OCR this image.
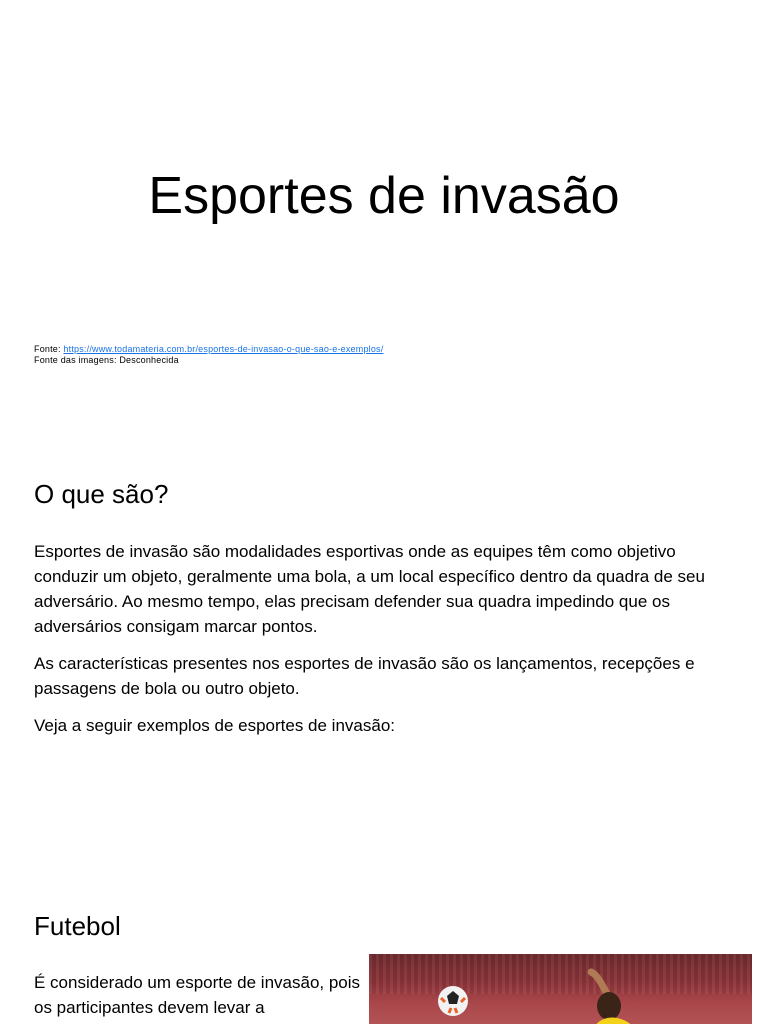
Esportes de invasão
Fonte: https://www.todamateria.com.br/esportes-de-invasao-o-que-sao-e-exemplos/
Fonte das imagens: Desconhecida
O que são?

Esportes de invasão são modalidades esportivas onde as equipes têm como objetivo conduzir um objeto, geralmente uma bola, a um local específico dentro da quadra de seu adversário. Ao mesmo tempo, elas precisam defender sua quadra impedindo que os adversários consigam marcar pontos.

As características presentes nos esportes de invasão são os lançamentos, recepções e passagens de bola ou outro objeto.

Veja a seguir exemplos de esportes de invasão:

Futebol

É considerado um esporte de invasão, pois os participantes devem levar a
